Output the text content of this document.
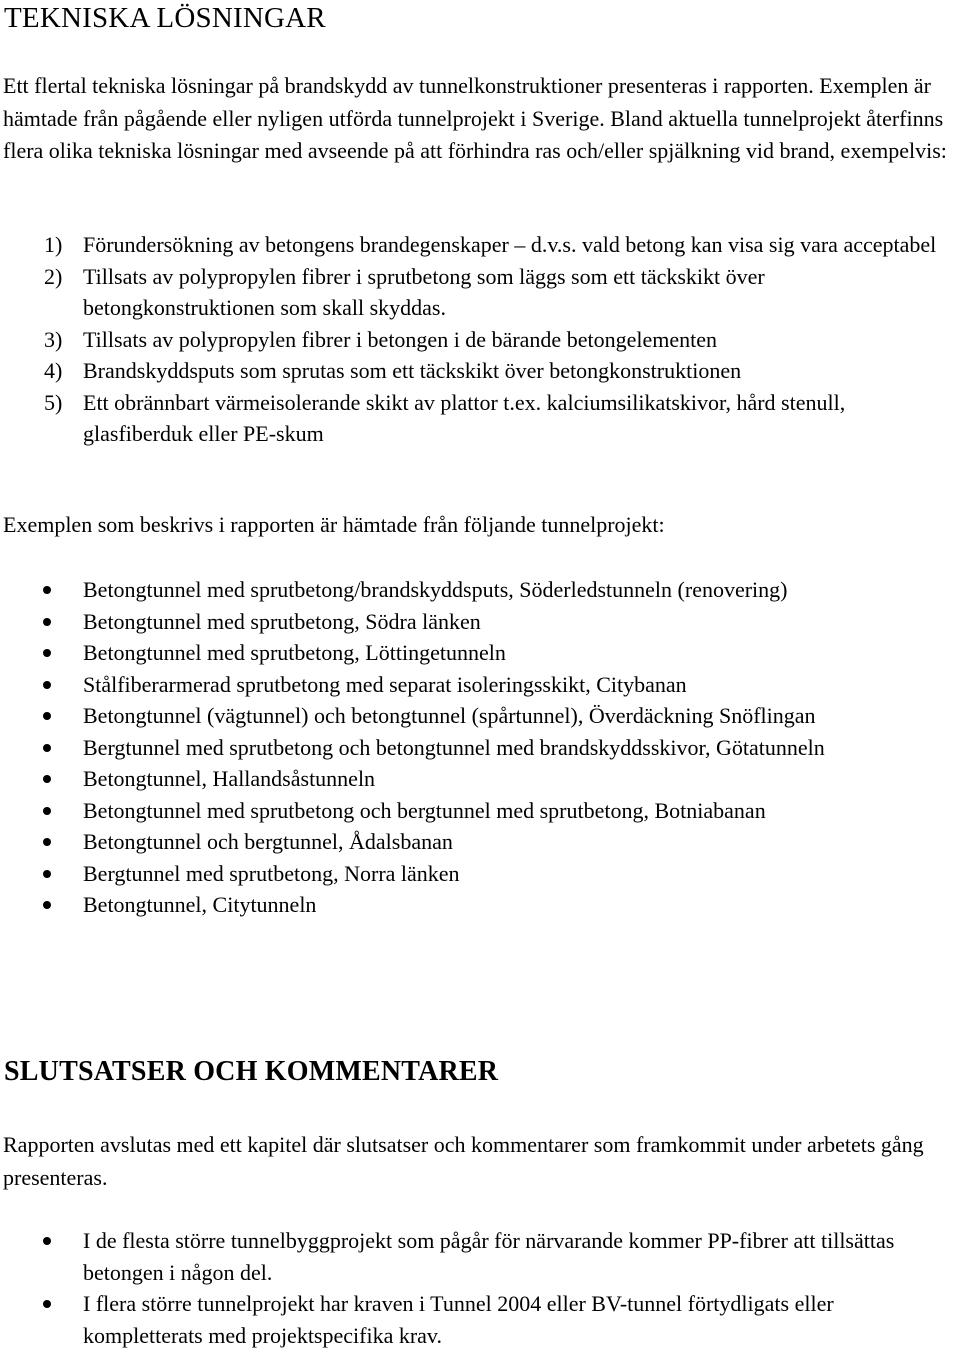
TEKNISKA LÖSNINGAR

Ett flertal tekniska lösningar på brandskydd av tunnelkonstruktioner presenteras i rapporten. Exemplen är hämtade från pågående eller nyligen utförda tunnelprojekt i Sverige. Bland aktuella tunnelprojekt återfinns flera olika tekniska lösningar med avseende på att förhindra ras och/eller spjälkning vid brand, exempelvis:

1) Förundersökning av betongens brandegenskaper – d.v.s. vald betong kan visa sig vara acceptabel
2) Tillsats av polypropylen fibrer i sprutbetong som läggs som ett täckskikt över betongkonstruktionen som skall skyddas.
3) Tillsats av polypropylen fibrer i betongen i de bärande betongelementen
4) Brandskyddsputs som sprutas som ett täckskikt över betongkonstruktionen
5) Ett obrännbart värmeisolerande skikt av plattor t.ex. kalciumsilikatskivor, hård stenull, glasfiberduk eller PE-skum

Exemplen som beskrivs i rapporten är hämtade från följande tunnelprojekt:

Betongtunnel med sprutbetong/brandskyddsputs, Söderledstunneln (renovering)
Betongtunnel med sprutbetong, Södra länken
Betongtunnel med sprutbetong, Löttingetunneln
Stålfiberarmerad sprutbetong med separat isoleringsskikt, Citybanan
Betongtunnel (vägtunnel) och betongtunnel (spårtunnel), Överdäckning Snöflingan
Bergtunnel med sprutbetong och betongtunnel med brandskyddsskivor, Götatunneln
Betongtunnel, Hallandsåstunneln
Betongtunnel med sprutbetong och bergtunnel med sprutbetong, Botniabanan
Betongtunnel och bergtunnel, Ådalsbanan
Bergtunnel med sprutbetong, Norra länken
Betongtunnel, Citytunneln
SLUTSATSER OCH KOMMENTARER

Rapporten avslutas med ett kapitel där slutsatser och kommentarer som framkommit under arbetets gång presenteras.

I de flesta större tunnelbyggprojekt som pågår för närvarande kommer PP-fibrer att tillsättas betongen i någon del.
I flera större tunnelprojekt har kraven i Tunnel 2004 eller BV-tunnel förtydligats eller kompletterats med projektspecifika krav.
